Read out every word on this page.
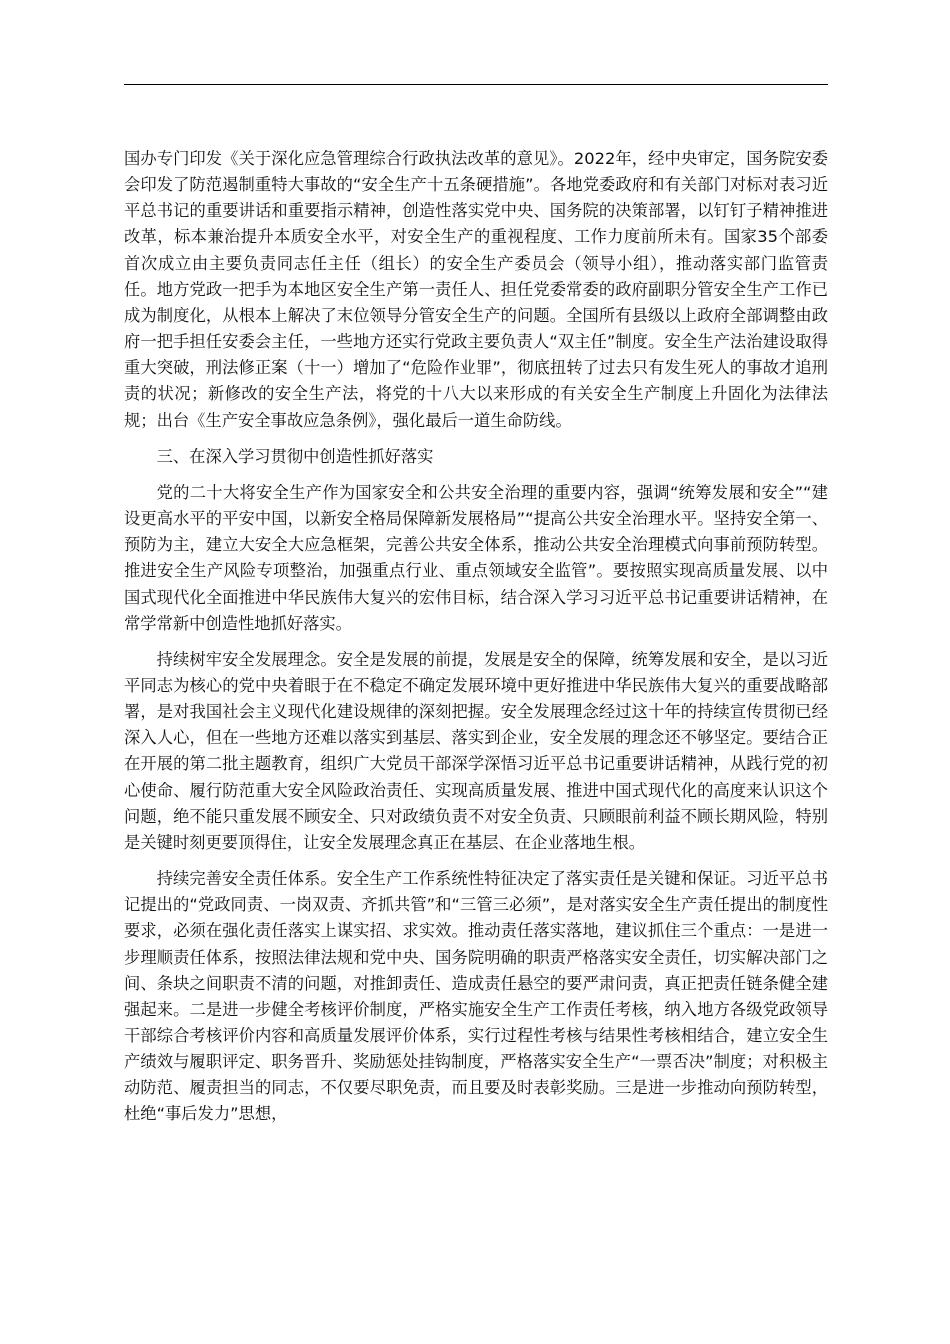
国办专门印发《关于深化应急管理综合行政执法改革的意见》。2022年，经中央审定，国务院安委会印发了防范遏制重特大事故的“安全生产十五条硬措施”。各地党委政府和有关部门对标对表习近平总书记的重要讲话和重要指示精神，创造性落实党中央、国务院的决策部署，以钉钉子精神推进改革，标本兼治提升本质安全水平，对安全生产的重视程度、工作力度前所未有。国家35个部委首次成立由主要负责同志任主任（组长）的安全生产委员会（领导小组），推动落实部门监管责任。地方党政一把手为本地区安全生产第一责任人、担任党委常委的政府副职分管安全生产工作已成为制度化，从根本上解决了末位领导分管安全生产的问题。全国所有县级以上政府全部调整由政府一把手担任安委会主任，一些地方还实行党政主要负责人“双主任”制度。安全生产法治建设取得重大突破，刑法修正案（十一）增加了“危险作业罪”，彻底扭转了过去只有发生死人的事故才追刑责的状况；新修改的安全生产法，将党的十八大以来形成的有关安全生产制度上升固化为法律法规；出台《生产安全事故应急条例》，强化最后一道生命防线。

三、在深入学习贯彻中创造性抓好落实

党的二十大将安全生产作为国家安全和公共安全治理的重要内容，强调“统筹发展和安全”“建设更高水平的平安中国，以新安全格局保障新发展格局”“提高公共安全治理水平。坚持安全第一、预防为主，建立大安全大应急框架，完善公共安全体系，推动公共安全治理模式向事前预防转型。推进安全生产风险专项整治，加强重点行业、重点领域安全监管”。要按照实现高质量发展、以中国式现代化全面推进中华民族伟大复兴的宏伟目标，结合深入学习习近平总书记重要讲话精神，在常学常新中创造性地抓好落实。

持续树牢安全发展理念。安全是发展的前提，发展是安全的保障，统筹发展和安全，是以习近平同志为核心的党中央着眼于在不稳定不确定发展环境中更好推进中华民族伟大复兴的重要战略部署，是对我国社会主义现代化建设规律的深刻把握。安全发展理念经过这十年的持续宣传贯彻已经深入人心，但在一些地方还难以落实到基层、落实到企业，安全发展的理念还不够坚定。要结合正在开展的第二批主题教育，组织广大党员干部深学深悟习近平总书记重要讲话精神，从践行党的初心使命、履行防范重大安全风险政治责任、实现高质量发展、推进中国式现代化的高度来认识这个问题，绝不能只重发展不顾安全、只对政绩负责不对安全负责、只顾眼前利益不顾长期风险，特别是关键时刻更要顶得住，让安全发展理念真正在基层、在企业落地生根。

持续完善安全责任体系。安全生产工作系统性特征决定了落实责任是关键和保证。习近平总书记提出的“党政同责、一岗双责、齐抓共管”和“三管三必须”，是对落实安全生产责任提出的制度性要求，必须在强化责任落实上谋实招、求实效。推动责任落实落地，建议抓住三个重点：一是进一步理顺责任体系，按照法律法规和党中央、国务院明确的职责严格落实安全责任，切实解决部门之间、条块之间职责不清的问题，对推卸责任、造成责任悬空的要严肃问责，真正把责任链条健全建强起来。二是进一步健全考核评价制度，严格实施安全生产工作责任考核，纳入地方各级党政领导干部综合考核评价内容和高质量发展评价体系，实行过程性考核与结果性考核相结合，建立安全生产绩效与履职评定、职务晋升、奖励惩处挂钩制度，严格落实安全生产“一票否决”制度；对积极主动防范、履责担当的同志，不仅要尽职免责，而且要及时表彰奖励。三是进一步推动向预防转型，杜绝“事后发力”思想，
